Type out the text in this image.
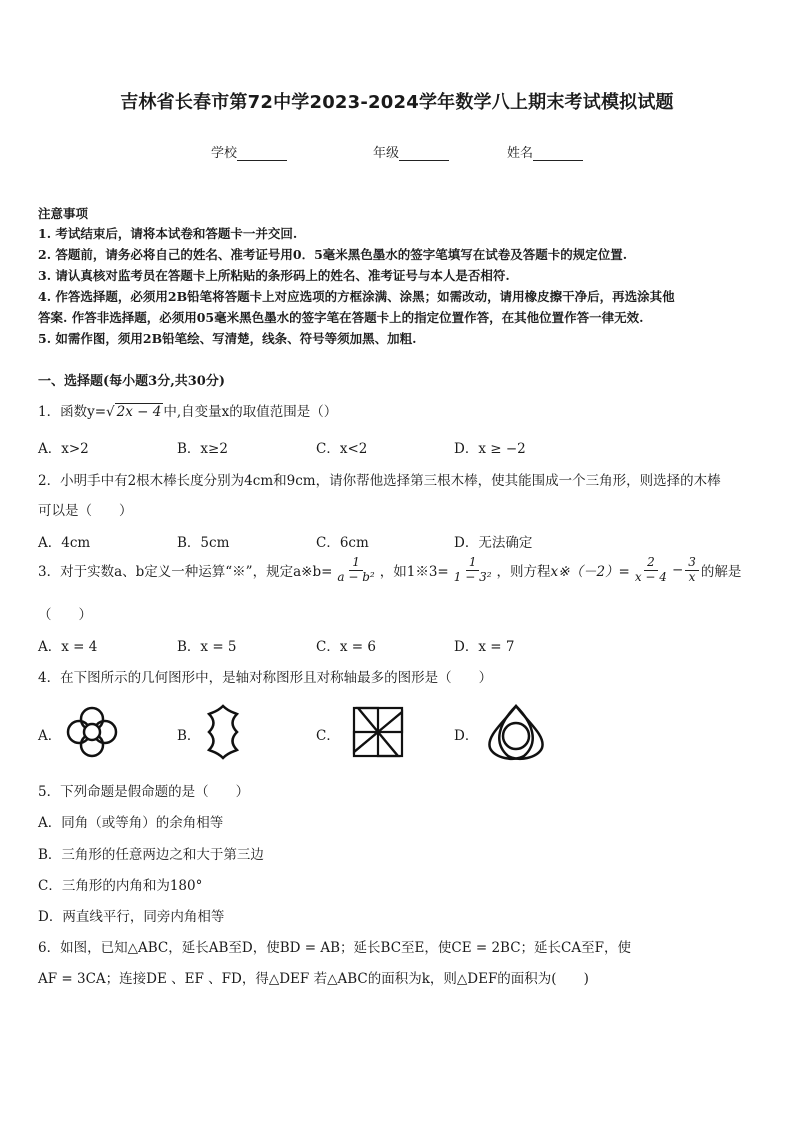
吉林省长春市第72中学2023-2024学年数学八上期末考试模拟试题
学校	年级	姓名
注意事项
1. 考试结束后，请将本试卷和答题卡一并交回.
2. 答题前，请务必将自己的姓名、准考证号用0．5毫米黑色墨水的签字笔填写在试卷及答题卡的规定位置.
3. 请认真核对监考员在答题卡上所粘贴的条形码上的姓名、准考证号与本人是否相符.
4. 作答选择题，必须用2B铅笔将答题卡上对应选项的方框涂满、涂黑；如需改动，请用橡皮擦干净后，再选涂其他
答案. 作答非选择题，必须用05毫米黑色墨水的签字笔在答题卡上的指定位置作答，在其他位置作答一律无效.
5. 如需作图，须用2B铅笔绘、写清楚，线条、符号等须加黑、加粗.
一、选择题(每小题3分,共30分)
1．函数y=√ 2x − 4 中,自变量x的取值范围是（）
A．x>2	B．x≥2	C．x<2	D．x ≥ −2
2．小明手中有2根木棒长度分别为4cm和9cm，请你帮他选择第三根木棒，使其能围成一个三角形，则选择的木棒
可以是（　　）
A．4cm	B．5cm	C．6cm	D．无法确定
3．对于实数a、b定义一种运算“※”，规定a※b= $\frac{1}{\text{a − b²}}$ ，如1※3= $\frac{1}{\text{1 − 3²}}$ ，则方程 x※（－2）= $\frac{2}{x - 4} - \frac{3}{x}$ 的解是
（　　）
A．x = 4	B．x = 5	C．x = 6	D．x = 7
4．在下图所示的几何图形中，是轴对称图形且对称轴最多的图形是（　　）
A．	B．	C．	D．
5．下列命题是假命题的是（　　）
A．同角（或等角）的余角相等
B．三角形的任意两边之和大于第三边
C．三角形的内角和为180°
D．两直线平行，同旁内角相等
6．如图，已知△ABC，延长AB至D，使BD = AB；延长BC至E，使CE = 2BC；延长CA至F，使
AF = 3CA；连接DE 、EF 、FD，得△DEF 若△ABC的面积为k，则△DEF的面积为(　　)
